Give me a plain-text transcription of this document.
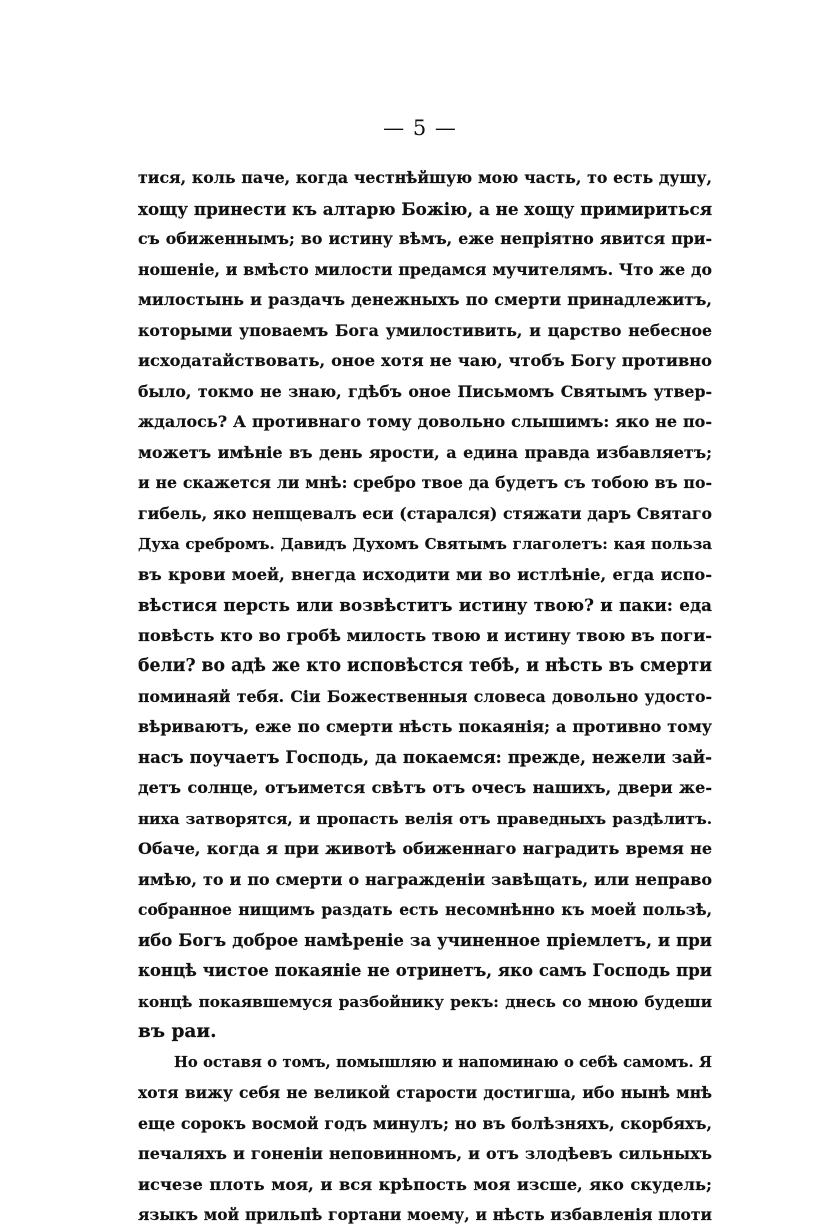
— 5 —
тися, коль паче, когда честнѣйшую мою часть, то есть душу,
хощу принести къ алтарю Божiю, а не хощу примириться
съ обиженнымъ; во истину вѣмъ, еже непрiятно явится при-
ношенiе, и вмѣсто милости предамся мучителямъ. Что же до
милостынь и раздачъ денежныхъ по смерти принадлежитъ,
которыми уповаемъ Бога умилостивить, и царство небесное
исходатайствовать, оное хотя не чаю, чтобъ Богу противно
было, токмо не знаю, гдѣбъ оное Письмомъ Святымъ утвер-
ждалось? А противнаго тому довольно слышимъ: яко не по-
можетъ имѣнiе въ день ярости, а едина правда избавляетъ;
и не скажется ли мнѣ: сребро твое да будетъ съ тобою въ по-
гибель, яко непщевалъ еси (старался) стяжати даръ Святаго
Духа сребромъ. Давидъ Духомъ Святымъ глаголетъ: кая польза
въ крови моей, внегда исходити ми во истлѣнiе, егда испо-
вѣстися персть или возвѣститъ истину твою? и паки: еда
повѣсть кто во гробѣ милость твою и истину твою въ поги-
бели? во адѣ же кто исповѣстся тебѣ, и нѣсть въ смерти
поминаяй тебя. Сiи Божественныя словеса довольно удосто-
вѣриваютъ, еже по смерти нѣсть покаянiя; а противно тому
насъ поучаетъ Господь, да покаемся: прежде, нежели зай-
детъ солнце, отъимется свѣтъ отъ очесъ нашихъ, двери же-
ниха затворятся, и пропасть велiя отъ праведныхъ раздѣлитъ.
Обаче, когда я при животѣ обиженнаго наградить время не
имѣю, то и по смерти о награжденiи завѣщать, или неправо
собранное нищимъ раздать есть несомнѣнно къ моей пользѣ,
ибо Богъ доброе намѣренiе за учиненное прiемлетъ, и при
концѣ чистое покаянiе не отринетъ, яко самъ Господь при
концѣ покаявшемуся разбойнику рекъ: днесь со мною будеши
въ раи.
Но оставя о томъ, помышляю и напоминаю о себѣ самомъ. Я
хотя вижу себя не великой старости достигша, ибо нынѣ мнѣ
еще сорокъ восмой годъ минулъ; но въ болѣзняхъ, скорбяхъ,
печаляхъ и гоненiи неповинномъ, и отъ злодѣевъ сильныхъ
исчезе плоть моя, и вся крѣпость моя изсше, яко скудель;
языкъ мой прильпѣ гортани моему, и нѣсть избавленiя плоти
